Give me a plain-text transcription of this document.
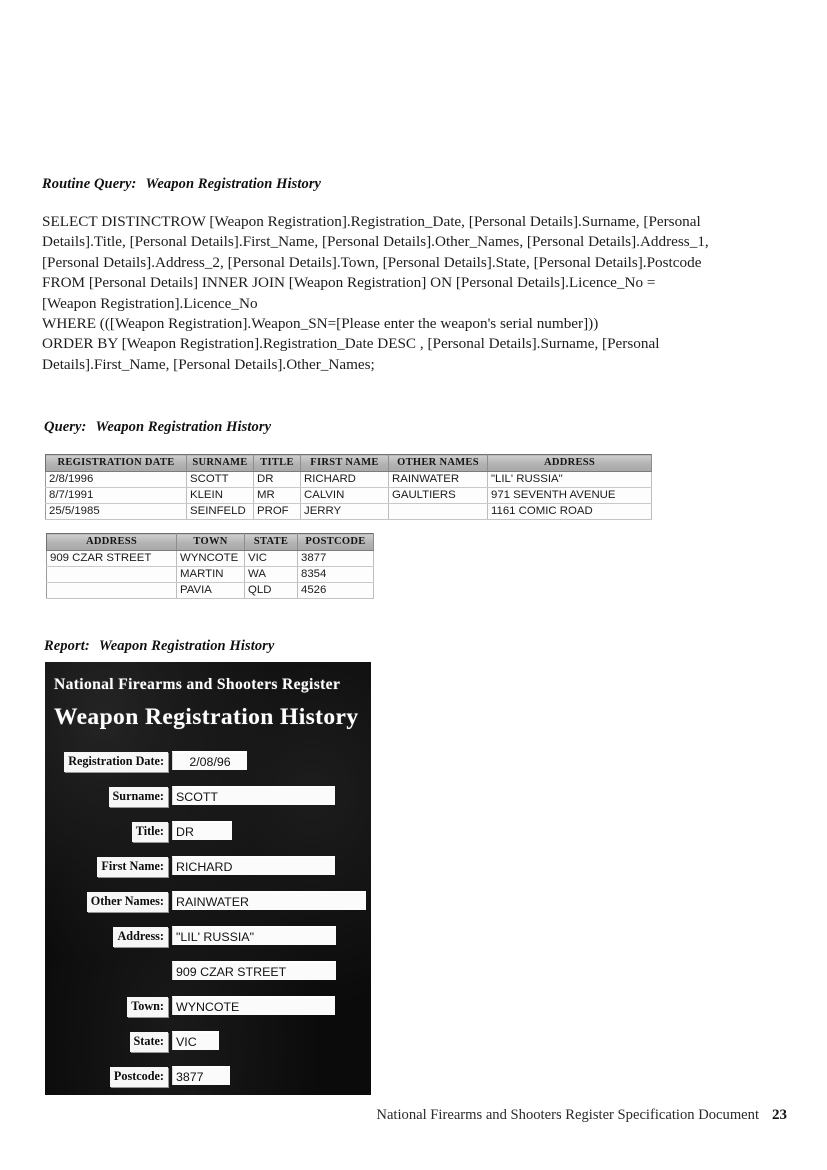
Routine Query: Weapon Registration History
SELECT DISTINCTROW [Weapon Registration].Registration_Date, [Personal Details].Surname, [Personal
Details].Title, [Personal Details].First_Name, [Personal Details].Other_Names, [Personal Details].Address_1,
[Personal Details].Address_2, [Personal Details].Town, [Personal Details].State, [Personal Details].Postcode
FROM [Personal Details] INNER JOIN [Weapon Registration] ON [Personal Details].Licence_No =
[Weapon Registration].Licence_No
WHERE (([Weapon Registration].Weapon_SN=[Please enter the weapon's serial number]))
ORDER BY [Weapon Registration].Registration_Date DESC , [Personal Details].Surname, [Personal
Details].First_Name, [Personal Details].Other_Names;
Query: Weapon Registration History
REGISTRATION DATE	SURNAME	TITLE	FIRST NAME	OTHER NAMES	ADDRESS
2/8/1996	SCOTT	DR	RICHARD	RAINWATER	"LIL' RUSSIA"
8/7/1991	KLEIN	MR	CALVIN	GAULTIERS	971 SEVENTH AVENUE
25/5/1985	SEINFELD	PROF	JERRY		1161 COMIC ROAD
ADDRESS	TOWN	STATE	POSTCODE
909 CZAR STREET	WYNCOTE	VIC	3877
	MARTIN	WA	8354
	PAVIA	QLD	4526
Report: Weapon Registration History
National Firearms and Shooters Register
Weapon Registration History
Registration Date:	2/08/96
Surname: SCOTT
Title: DR
First Name: RICHARD
Other Names: RAINWATER
Address: "LIL' RUSSIA"
909 CZAR STREET
Town: WYNCOTE
State: VIC
Postcode: 3877
National Firearms and Shooters Register Specification Document 23
